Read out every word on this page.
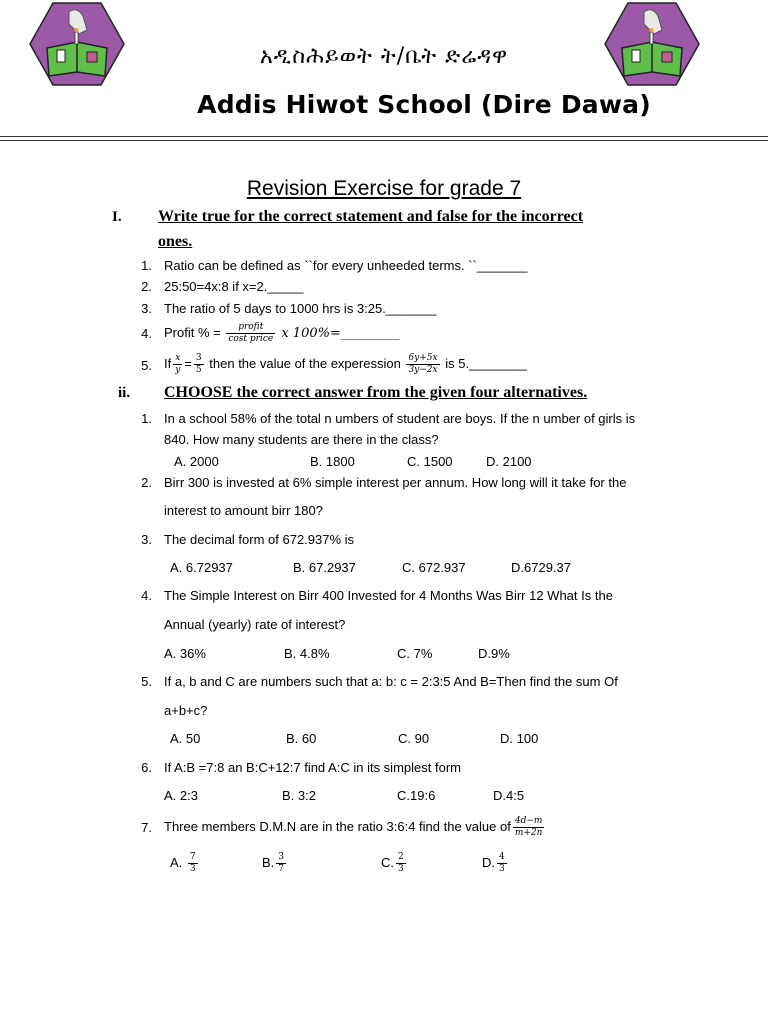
አዲስሕይወት ት/ቤት ድሬዳዋ
Addis Hiwot School (Dire Dawa)
Revision Exercise for grade 7
I. Write true for the correct statement and false for the incorrect
ones.
1. Ratio can be defined as ``for every unheeded terms. ``_______
2. 25:50=4x:8 if x=2._____
3. The ratio of 5 days to 1000 hrs is 3:25._______
4. Profit % = $\frac{\text{profit}}{\text{cost price}}$ x 100%=_________
5. If $\frac{x}{y} = \frac{3}{5}$ then the value of the experession $\frac{6y+5x}{3y-2x}$ is 5.________
ii. CHOOSE the correct answer from the given four alternatives.
1. In a school 58% of the total n umbers of student are boys. If the n umber of girls is
840. How many students are there in the class?
A. 2000	B. 1800	C. 1500	D. 2100
2. Birr 300 is invested at 6% simple interest per annum. How long will it take for the
interest to amount birr 180?
3. The decimal form of 672.937% is
A. 6.72937	B. 67.2937	C. 672.937	D.6729.37
4. The Simple Interest on Birr 400 Invested for 4 Months Was Birr 12 What Is the
Annual (yearly) rate of interest?
A. 36%	B. 4.8%	C. 7%	D.9%
5. If a, b and C are numbers such that a: b: c = 2:3:5 And B=Then find the sum Of
a+b+c?
A. 50	B. 60	C. 90	D. 100
6. If A:B =7:8 an B:C+12:7 find A:C in its simplest form
A. 2:3	B. 3:2	C.19:6	D.4:5
7. Three members D.M.N are in the ratio 3:6:4 find the value of $\frac{4d-m}{m+2n}$
A. $\frac{7}{3}$	B. $\frac{3}{7}$	C. $\frac{2}{3}$	D. $\frac{4}{3}$
